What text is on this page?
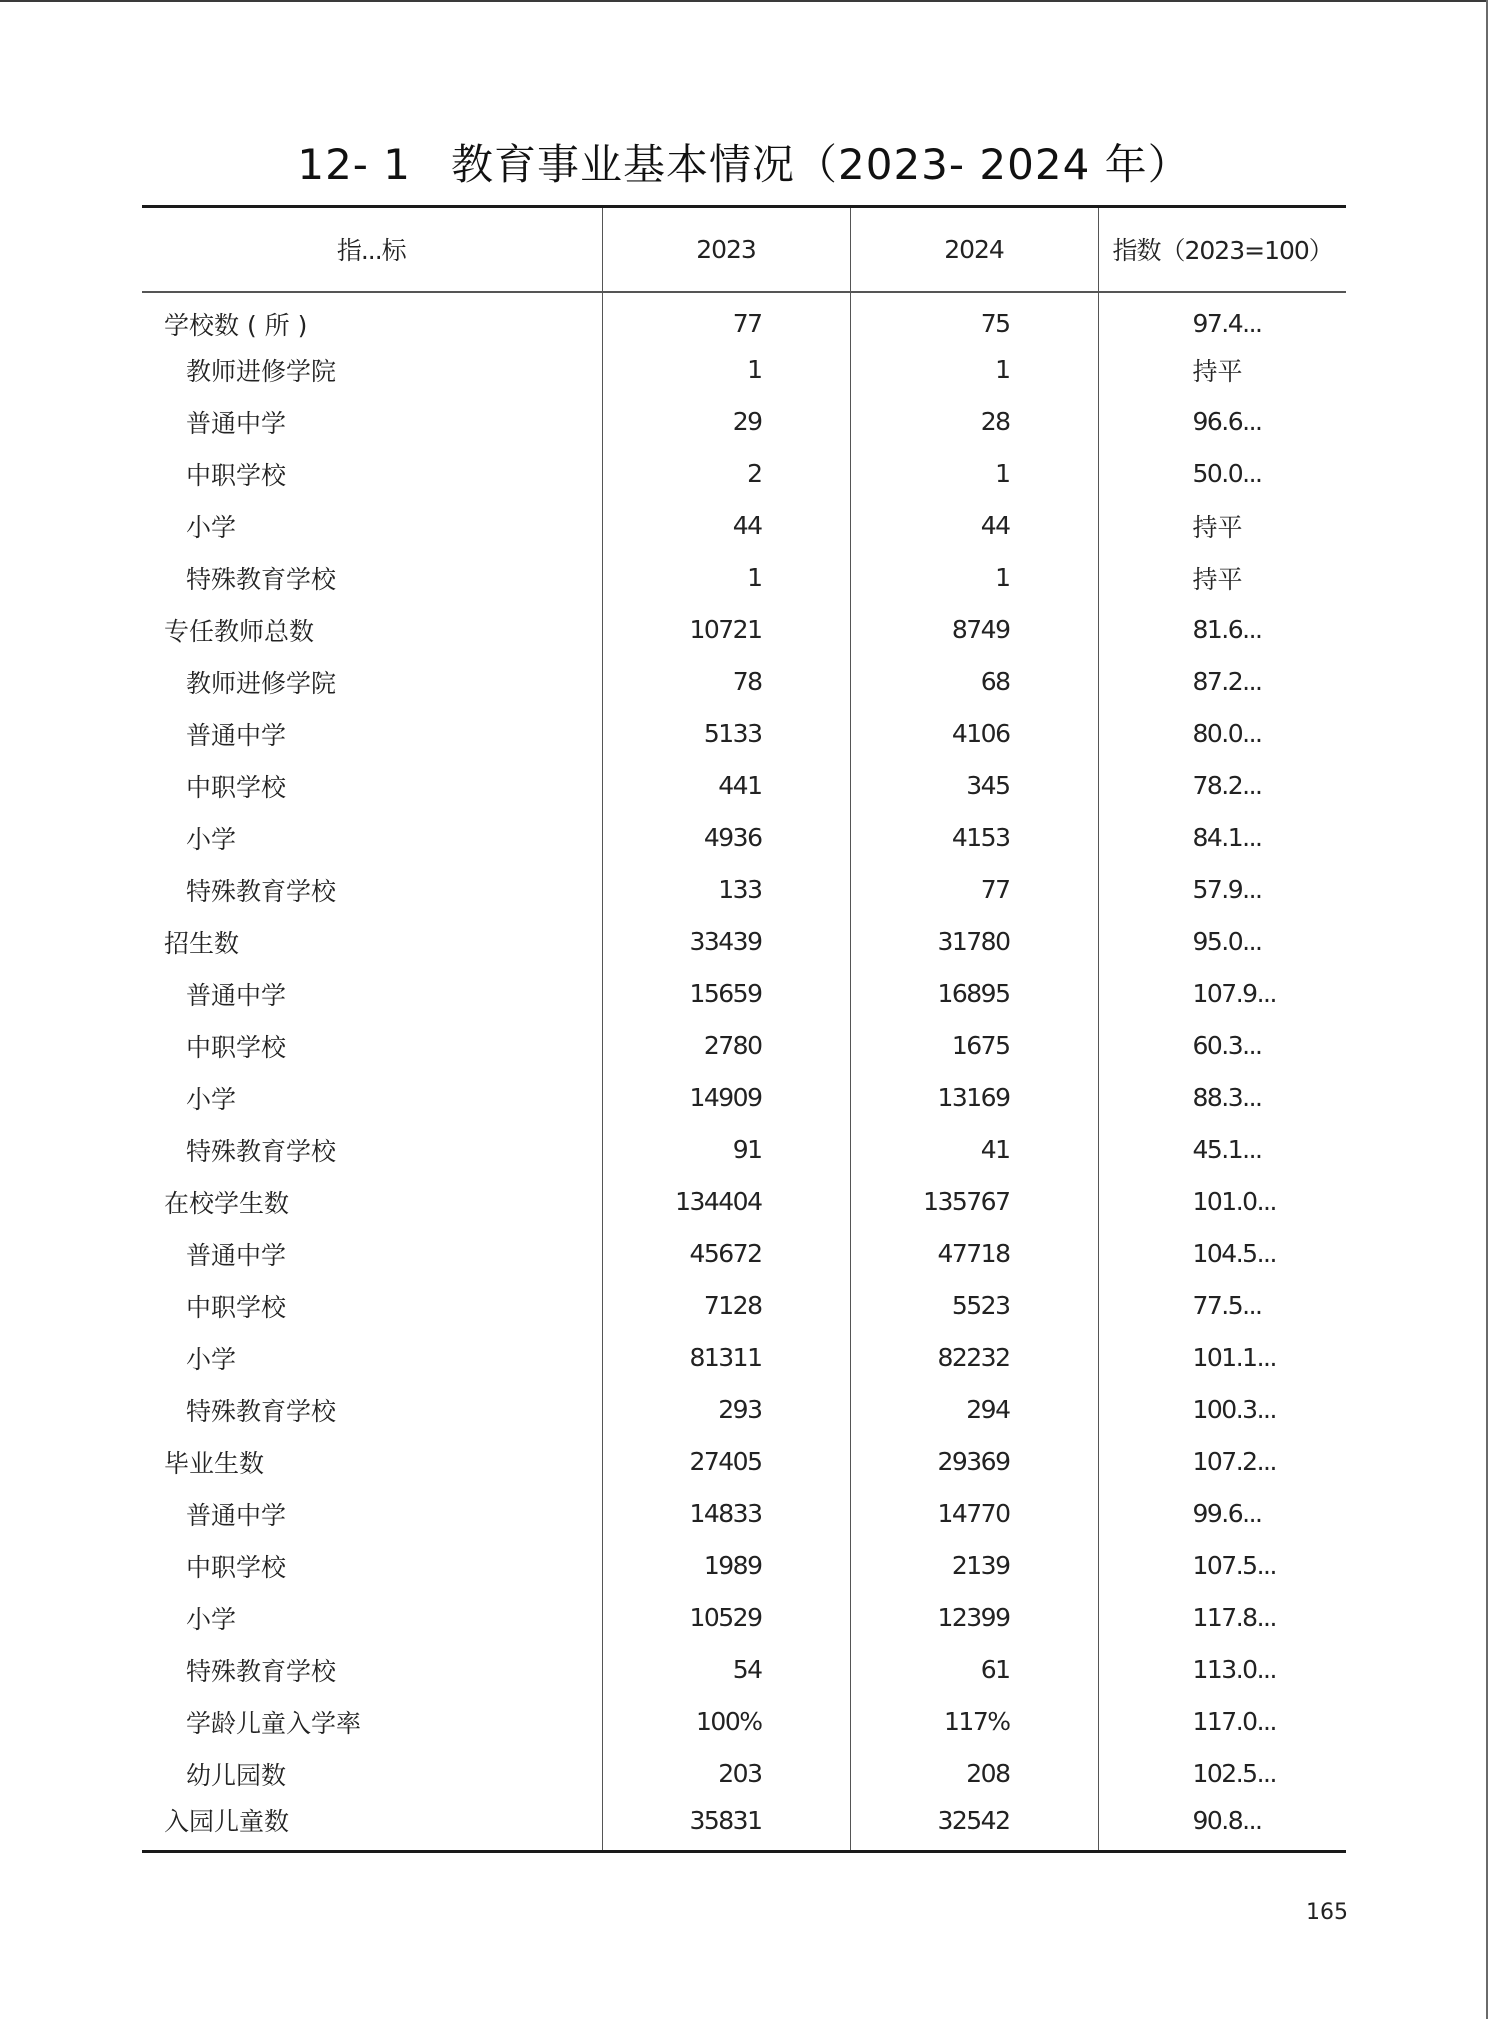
12- 1 教育事业基本情况（2023- 2024 年）
指...标	2023	2024	指数（2023=100）
学校数 ( 所 )	77	75	97.4...
教师进修学院	1	1	持平
普通中学	29	28	96.6...
中职学校	2	1	50.0...
小学	44	44	持平
特殊教育学校	1	1	持平
专任教师总数	10721	8749	81.6...
教师进修学院	78	68	87.2...
普通中学	5133	4106	80.0...
中职学校	441	345	78.2...
小学	4936	4153	84.1...
特殊教育学校	133	77	57.9...
招生数	33439	31780	95.0...
普通中学	15659	16895	107.9...
中职学校	2780	1675	60.3...
小学	14909	13169	88.3...
特殊教育学校	91	41	45.1...
在校学生数	134404	135767	101.0...
普通中学	45672	47718	104.5...
中职学校	7128	5523	77.5...
小学	81311	82232	101.1...
特殊教育学校	293	294	100.3...
毕业生数	27405	29369	107.2...
普通中学	14833	14770	99.6...
中职学校	1989	2139	107.5...
小学	10529	12399	117.8...
特殊教育学校	54	61	113.0...
学龄儿童入学率	100%	117%	117.0...
幼儿园数	203	208	102.5...
入园儿童数	35831	32542	90.8...
165
